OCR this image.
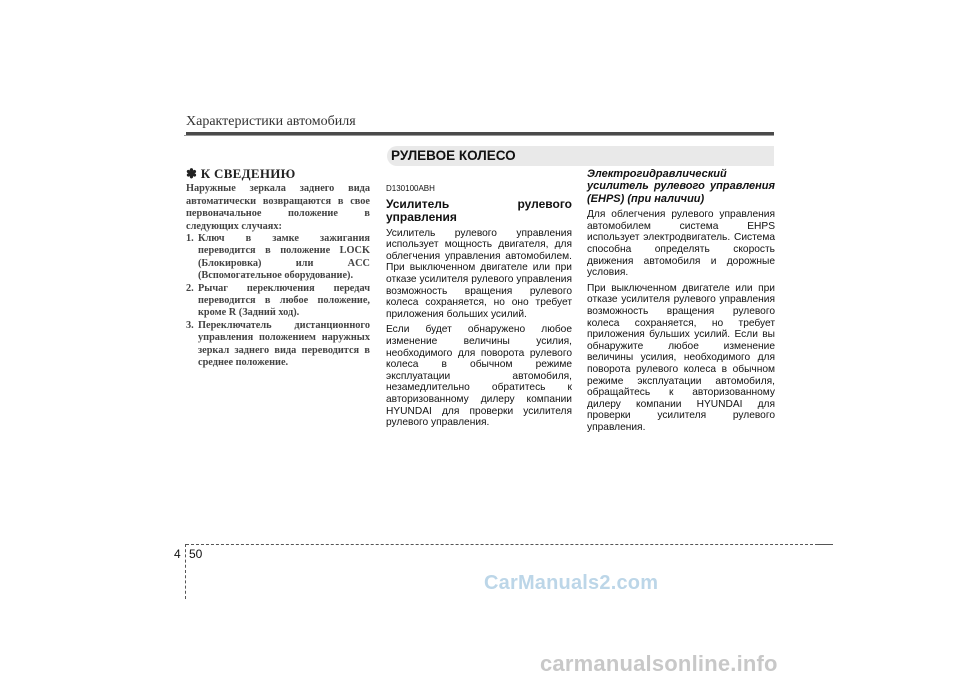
Характеристики автомобиля
РУЛЕВОЕ КОЛЕСО
✽ К СВЕДЕНИЮ
Наружные зеркала заднего вида автоматически возвращаются в свое первоначальное положение в следующих случаях:
1. Ключ в замке зажигания переводится в положение LOCK (Блокировка) или ACC (Вспомогательное оборудование).
2. Рычаг переключения передач переводится в любое положение, кроме R (Задний ход).
3. Переключатель дистанционного управления положением наружных зеркал заднего вида переводится в среднее положение.
D130100ABH
Усилитель рулевого управления

Усилитель рулевого управления использует мощность двигателя, для облегчения управления автомобилем. При выключенном двигателе или при отказе усилителя рулевого управления возможность вращения рулевого колеса сохраняется, но оно требует приложения больших усилий.

Если будет обнаружено любое изменение величины усилия, необходимого для поворота рулевого колеса в обычном режиме эксплуатации автомобиля, незамедлительно обратитесь к авторизованному дилеру компании HYUNDAI для проверки усилителя рулевого управления.

Электрогидравлический усилитель рулевого управления (EHPS) (при наличии)

Для облегчения рулевого управления автомобилем система EHPS использует электродвигатель. Система способна определять скорость движения автомобиля и дорожные условия.

При выключенном двигателе или при отказе усилителя рулевого управления возможность вращения рулевого колеса сохраняется, но требует приложения бульших усилий. Если вы обнаружите любое изменение величины усилия, необходимого для поворота рулевого колеса в обычном режиме эксплуатации автомобиля, обращайтесь к авторизованному дилеру компании HYUNDAI для проверки усилителя рулевого управления.

4 50
CarManuals2.com
carmanualsonline.info
